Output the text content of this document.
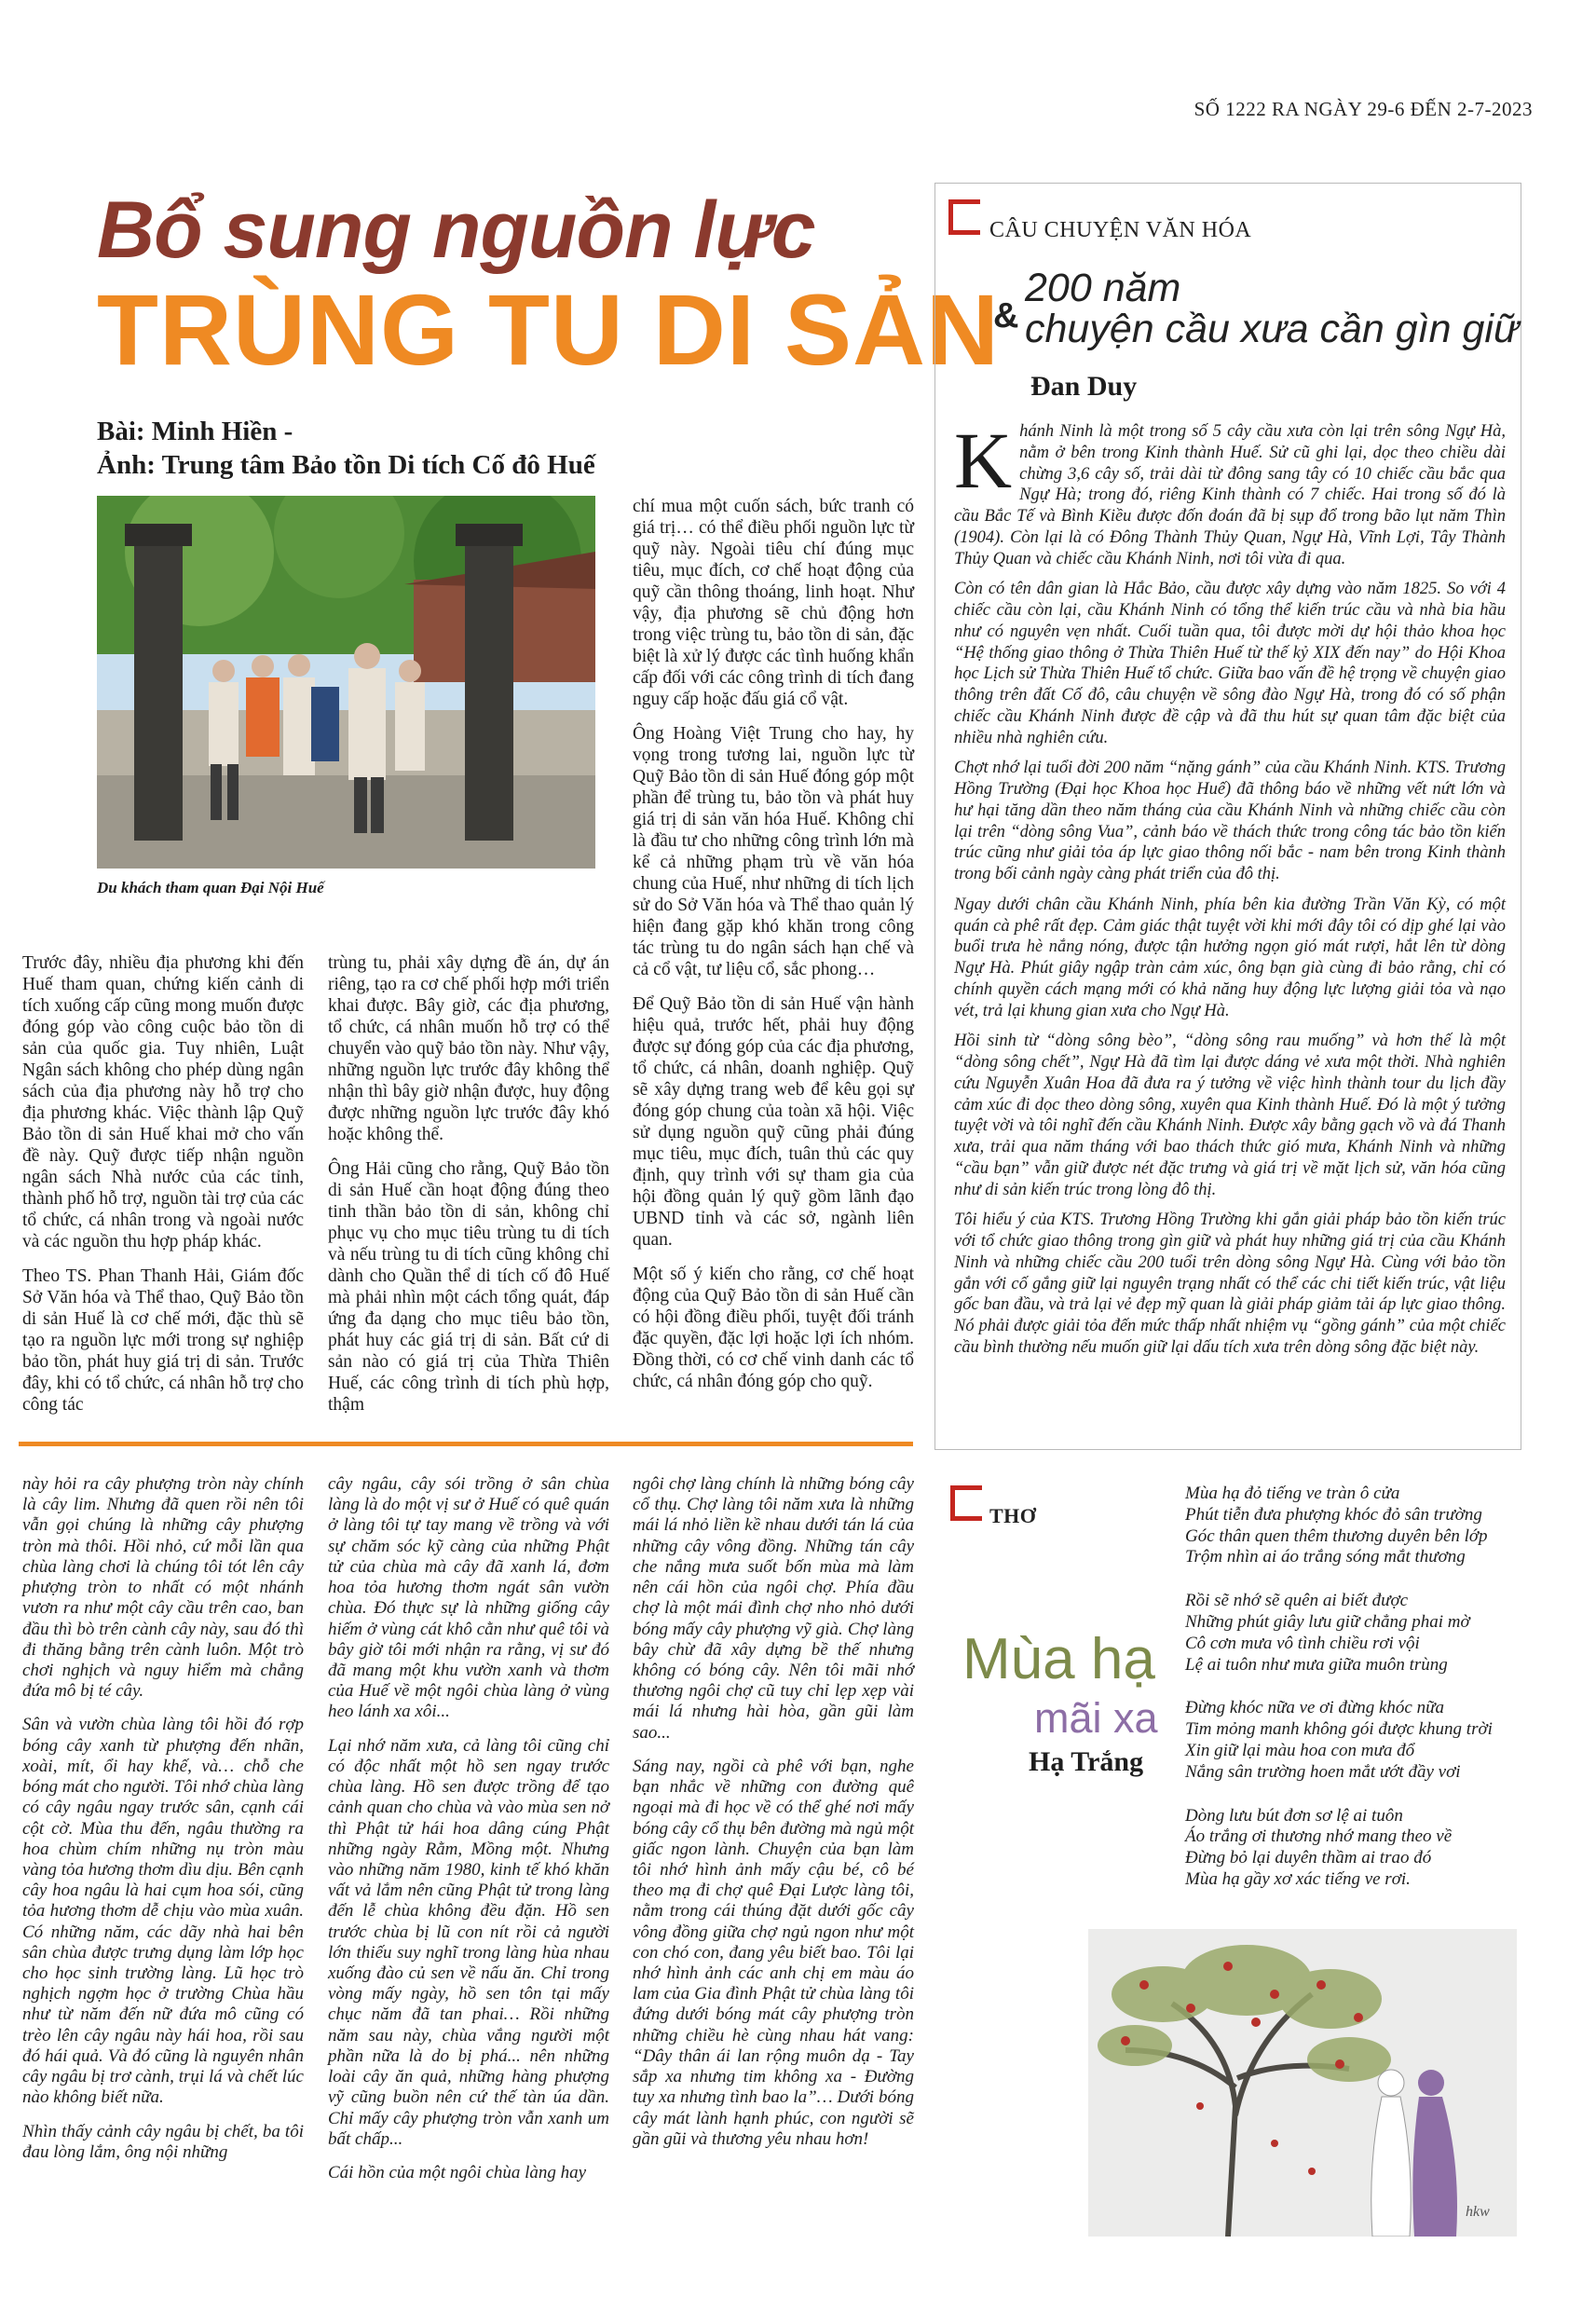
SỐ 1222 RA NGÀY 29-6 ĐẾN 2-7-2023
Bổ sung nguồn lực
TRÙNG TU DI SẢN
Bài: Minh Hiền -
Ảnh: Trung tâm Bảo tồn Di tích Cố đô Huế
Du khách tham quan Đại Nội Huế

Trước đây, nhiều địa phương khi đến Huế tham quan, chứng kiến cảnh di tích xuống cấp cũng mong muốn được đóng góp vào công cuộc bảo tồn di sản của quốc gia. Tuy nhiên, Luật Ngân sách không cho phép dùng ngân sách của địa phương này hỗ trợ cho địa phương khác. Việc thành lập Quỹ Bảo tồn di sản Huế khai mở cho vấn đề này. Quỹ được tiếp nhận nguồn ngân sách Nhà nước của các tỉnh, thành phố hỗ trợ, nguồn tài trợ của các tổ chức, cá nhân trong và ngoài nước và các nguồn thu hợp pháp khác.

Theo TS. Phan Thanh Hải, Giám đốc Sở Văn hóa và Thể thao, Quỹ Bảo tồn di sản Huế là cơ chế mới, đặc thù sẽ tạo ra nguồn lực mới trong sự nghiệp bảo tồn, phát huy giá trị di sản. Trước đây, khi có tổ chức, cá nhân hỗ trợ cho công tác

trùng tu, phải xây dựng đề án, dự án riêng, tạo ra cơ chế phối hợp mới triển khai được. Bây giờ, các địa phương, tổ chức, cá nhân muốn hỗ trợ có thể chuyển vào quỹ bảo tồn này. Như vậy, những nguồn lực trước đây không thể nhận thì bây giờ nhận được, huy động được những nguồn lực trước đây khó hoặc không thể.

Ông Hải cũng cho rằng, Quỹ Bảo tồn di sản Huế cần hoạt động đúng theo tinh thần bảo tồn di sản, không chỉ phục vụ cho mục tiêu trùng tu di tích và nếu trùng tu di tích cũng không chỉ dành cho Quần thể di tích cố đô Huế mà phải nhìn một cách tổng quát, đáp ứng đa dạng cho mục tiêu bảo tồn, phát huy các giá trị di sản. Bất cứ di sản nào có giá trị của Thừa Thiên Huế, các công trình di tích phù hợp, thậm

chí mua một cuốn sách, bức tranh có giá trị… có thể điều phối nguồn lực từ quỹ này. Ngoài tiêu chí đúng mục tiêu, mục đích, cơ chế hoạt động của quỹ cần thông thoáng, linh hoạt. Như vậy, địa phương sẽ chủ động hơn trong việc trùng tu, bảo tồn di sản, đặc biệt là xử lý được các tình huống khẩn cấp đối với các công trình di tích đang nguy cấp hoặc đấu giá cổ vật.

Ông Hoàng Việt Trung cho hay, hy vọng trong tương lai, nguồn lực từ Quỹ Bảo tồn di sản Huế đóng góp một phần để trùng tu, bảo tồn và phát huy giá trị di sản văn hóa Huế. Không chỉ là đầu tư cho những công trình lớn mà kể cả những phạm trù về văn hóa chung của Huế, như những di tích lịch sử do Sở Văn hóa và Thể thao quản lý hiện đang gặp khó khăn trong công tác trùng tu do ngân sách hạn chế và cả cổ vật, tư liệu cổ, sắc phong…

Để Quỹ Bảo tồn di sản Huế vận hành hiệu quả, trước hết, phải huy động được sự đóng góp của các địa phương, tổ chức, cá nhân, doanh nghiệp. Quỹ sẽ xây dựng trang web để kêu gọi sự đóng góp chung của toàn xã hội. Việc sử dụng nguồn quỹ cũng phải đúng mục tiêu, mục đích, tuân thủ các quy định, quy trình với sự tham gia của hội đồng quản lý quỹ gồm lãnh đạo UBND tỉnh và các sở, ngành liên quan.

Một số ý kiến cho rằng, cơ chế hoạt động của Quỹ Bảo tồn di sản Huế cần có hội đồng điều phối, tuyệt đối tránh đặc quyền, đặc lợi hoặc lợi ích nhóm. Đồng thời, có cơ chế vinh danh các tổ chức, cá nhân đóng góp cho quỹ.

CÂU CHUYỆN VĂN HÓA
&
200 năm
chuyện cầu xưa cần gìn giữ
Đan Duy

Khánh Ninh là một trong số 5 cây cầu xưa còn lại trên sông Ngự Hà, nằm ở bên trong Kinh thành Huế. Sử cũ ghi lại, dọc theo chiều dài chừng 3,6 cây số, trải dài từ đông sang tây có 10 chiếc cầu bắc qua Ngự Hà; trong đó, riêng Kinh thành có 7 chiếc. Hai trong số đó là cầu Bắc Tế và Bình Kiều được đốn đoán đã bị sụp đổ trong bão lụt năm Thìn (1904). Còn lại là có Đông Thành Thủy Quan, Ngự Hà, Vĩnh Lợi, Tây Thành Thủy Quan và chiếc cầu Khánh Ninh, nơi tôi vừa đi qua.

Còn có tên dân gian là Hắc Bảo, cầu được xây dựng vào năm 1825. So với 4 chiếc cầu còn lại, cầu Khánh Ninh có tổng thể kiến trúc cầu và nhà bia hầu như có nguyên vẹn nhất. Cuối tuần qua, tôi được mời dự hội thảo khoa học “Hệ thống giao thông ở Thừa Thiên Huế từ thế kỷ XIX đến nay” do Hội Khoa học Lịch sử Thừa Thiên Huế tổ chức. Giữa bao vấn đề hệ trọng về chuyện giao thông trên đất Cố đô, câu chuyện về sông đào Ngự Hà, trong đó có số phận chiếc cầu Khánh Ninh được đề cập và đã thu hút sự quan tâm đặc biệt của nhiều nhà nghiên cứu.

Chợt nhớ lại tuổi đời 200 năm “nặng gánh” của cầu Khánh Ninh. KTS. Trương Hồng Trường (Đại học Khoa học Huế) đã thông báo về những vết nứt lớn và hư hại tăng dần theo năm tháng của cầu Khánh Ninh và những chiếc cầu còn lại trên “dòng sông Vua”, cảnh báo về thách thức trong công tác bảo tồn kiến trúc cũng như giải tỏa áp lực giao thông nối bắc - nam bên trong Kinh thành trong bối cảnh ngày càng phát triển của đô thị.

Ngay dưới chân cầu Khánh Ninh, phía bên kia đường Trần Văn Kỳ, có một quán cà phê rất đẹp. Cảm giác thật tuyệt vời khi mới đây tôi có dịp ghé lại vào buổi trưa hè nắng nóng, được tận hưởng ngọn gió mát rượi, hắt lên từ dòng Ngự Hà. Phút giây ngập tràn cảm xúc, ông bạn già cùng đi bảo rằng, chỉ có chính quyền cách mạng mới có khả năng huy động lực lượng giải tỏa và nạo vét, trả lại khung gian xưa cho Ngự Hà.

Hồi sinh từ “dòng sông bèo”, “dòng sông rau muống” và hơn thế là một “dòng sông chết”, Ngự Hà đã tìm lại được dáng vẻ xưa một thời. Nhà nghiên cứu Nguyễn Xuân Hoa đã đưa ra ý tưởng về việc hình thành tour du lịch đầy cảm xúc đi dọc theo dòng sông, xuyên qua Kinh thành Huế. Đó là một ý tưởng tuyệt vời và tôi nghĩ đến cầu Khánh Ninh. Được xây bằng gạch vồ và đá Thanh xưa, trải qua năm tháng với bao thách thức gió mưa, Khánh Ninh và những “cầu bạn” vẫn giữ được nét đặc trưng và giá trị về mặt lịch sử, văn hóa cũng như di sản kiến trúc trong lòng đô thị.

Tôi hiểu ý của KTS. Trương Hồng Trường khi gắn giải pháp bảo tồn kiến trúc với tổ chức giao thông trong gìn giữ và phát huy những giá trị của cầu Khánh Ninh và những chiếc cầu 200 tuổi trên dòng sông Ngự Hà. Cùng với bảo tồn gắn với cố gắng giữ lại nguyên trạng nhất có thể các chi tiết kiến trúc, vật liệu gốc ban đầu, và trả lại vẻ đẹp mỹ quan là giải pháp giảm tải áp lực giao thông. Nó phải được giải tỏa đến mức thấp nhất nhiệm vụ “gồng gánh” của một chiếc cầu bình thường nếu muốn giữ lại dấu tích xưa trên dòng sông đặc biệt này.

này hỏi ra cây phượng tròn này chính là cây lim. Nhưng đã quen rồi nên tôi vẫn gọi chúng là những cây phượng tròn mà thôi. Hồi nhỏ, cứ mỗi lần qua chùa làng chơi là chúng tôi tót lên cây phượng tròn to nhất có một nhánh vươn ra như một cây cầu trên cao, ban đầu thì bò trên cành cây này, sau đó thì đi thăng bằng trên cành luôn. Một trò chơi nghịch và nguy hiểm mà chẳng đứa mô bị té cây.

Sân và vườn chùa làng tôi hồi đó rợp bóng cây xanh từ phượng đến nhãn, xoài, mít, ổi hay khế, và… chỗ che bóng mát cho người. Tôi nhớ chùa làng có cây ngâu ngay trước sân, cạnh cái cột cờ. Mùa thu đến, ngâu thường ra hoa chùm chím những nụ tròn màu vàng tỏa hương thơm dìu dịu. Bên cạnh cây hoa ngâu là hai cụm hoa sói, cũng tỏa hương thơm dễ chịu vào mùa xuân. Có những năm, các dãy nhà hai bên sân chùa được trưng dụng làm lớp học cho học sinh trường làng. Lũ học trò nghịch ngợm học ở trường Chùa hầu như từ năm đến nữ đứa mô cũng có trèo lên cây ngâu này hái hoa, rồi sau đó hái quả. Và đó cũng là nguyên nhân cây ngâu bị trơ cành, trụi lá và chết lúc nào không biết nữa.

Nhìn thấy cảnh cây ngâu bị chết, ba tôi đau lòng lắm, ông nội những

cây ngâu, cây sói trồng ở sân chùa làng là do một vị sư ở Huế có quê quán ở làng tôi tự tay mang về trồng và với sự chăm sóc kỹ càng của những Phật tử của chùa mà cây đã xanh lá, đơm hoa tỏa hương thơm ngát sân vườn chùa. Đó thực sự là những giống cây hiếm ở vùng cát khô cằn như quê tôi và bây giờ tôi mới nhận ra rằng, vị sư đó đã mang một khu vườn xanh và thơm của Huế về một ngôi chùa làng ở vùng heo lánh xa xôi...

Lại nhớ năm xưa, cả làng tôi cũng chỉ có độc nhất một hồ sen ngay trước chùa làng. Hồ sen được trồng để tạo cảnh quan cho chùa và vào mùa sen nở thì Phật tử hái hoa dâng cúng Phật những ngày Rằm, Mồng một. Nhưng vào những năm 1980, kinh tế khó khăn vất vả lắm nên cũng Phật tử trong làng đến lễ chùa không đều đặn. Hồ sen trước chùa bị lũ con nít rồi cả người lớn thiếu suy nghĩ trong làng hùa nhau xuống đào củ sen về nấu ăn. Chỉ trong vòng mấy ngày, hồ sen tôn tại mấy chục năm đã tan phai… Rồi những năm sau này, chùa vắng người một phần nữa là do bị phá... nên những loài cây ăn quả, những hàng phượng vỹ cũng buồn nên cứ thế tàn úa dần. Chỉ mấy cây phượng tròn vẫn xanh um bất chấp...

Cái hồn của một ngôi chùa làng hay

ngôi chợ làng chính là những bóng cây cổ thụ. Chợ làng tôi năm xưa là những mái lá nhỏ liền kề nhau dưới tán lá của những cây vông đồng. Những tán cây che nắng mưa suốt bốn mùa mà làm nên cái hồn của ngôi chợ. Phía đầu chợ là một mái đình chợ nho nhỏ dưới bóng mấy cây phượng vỹ già. Chợ làng bây chừ đã xây dựng bề thế nhưng không có bóng cây. Nên tôi mãi nhớ thương ngôi chợ cũ tuy chỉ lẹp xẹp vài mái lá nhưng hài hòa, gần gũi làm sao...

Sáng nay, ngồi cà phê với bạn, nghe bạn nhắc về những con đường quê ngoại mà đi học về có thể ghé nơi mấy bóng cây cổ thụ bên đường mà ngủ một giấc ngon lành. Chuyện của bạn làm tôi nhớ hình ảnh mấy cậu bé, cô bé theo mạ đi chợ quê Đại Lược làng tôi, nằm trong cái thúng đặt dưới gốc cây vông đồng giữa chợ ngủ ngon như một con chó con, đang yêu biết bao. Tôi lại nhớ hình ảnh các anh chị em màu áo lam của Gia đình Phật tử chùa làng tôi đứng dưới bóng mát cây phượng tròn những chiều hè cùng nhau hát vang: “Dây thân ái lan rộng muôn dạ - Tay sắp xa nhưng tim không xa - Đường tuy xa nhưng tình bao la”… Dưới bóng cây mát lành hạnh phúc, con người sẽ gần gũi và thương yêu nhau hơn!

THƠ
Mùa hạ
mãi xa
Hạ Trắng

Mùa hạ đỏ tiếng ve tràn ô cửa
Phút tiễn đưa phượng khóc đỏ sân trường
Góc thân quen thêm thương duyên bên lớp
Trộm nhìn ai áo trắng sóng mắt thương

Rồi sẽ nhớ sẽ quên ai biết được
Những phút giây lưu giữ chẳng phai mờ
Cô cơn mưa vô tình chiều rơi vội
Lệ ai tuôn như mưa giữa muôn trùng

Đừng khóc nữa ve ơi đừng khóc nữa
Tim mỏng manh không gói được khung trời
Xin giữ lại màu hoa con mưa đổ
Nắng sân trường hoen mắt ướt đầy vơi

Dòng lưu bút đơn sơ lệ ai tuôn
Áo trắng ơi thương nhớ mang theo về
Đừng bỏ lại duyên thầm ai trao đó
Mùa hạ gầy xơ xác tiếng ve rơi.

hkw
